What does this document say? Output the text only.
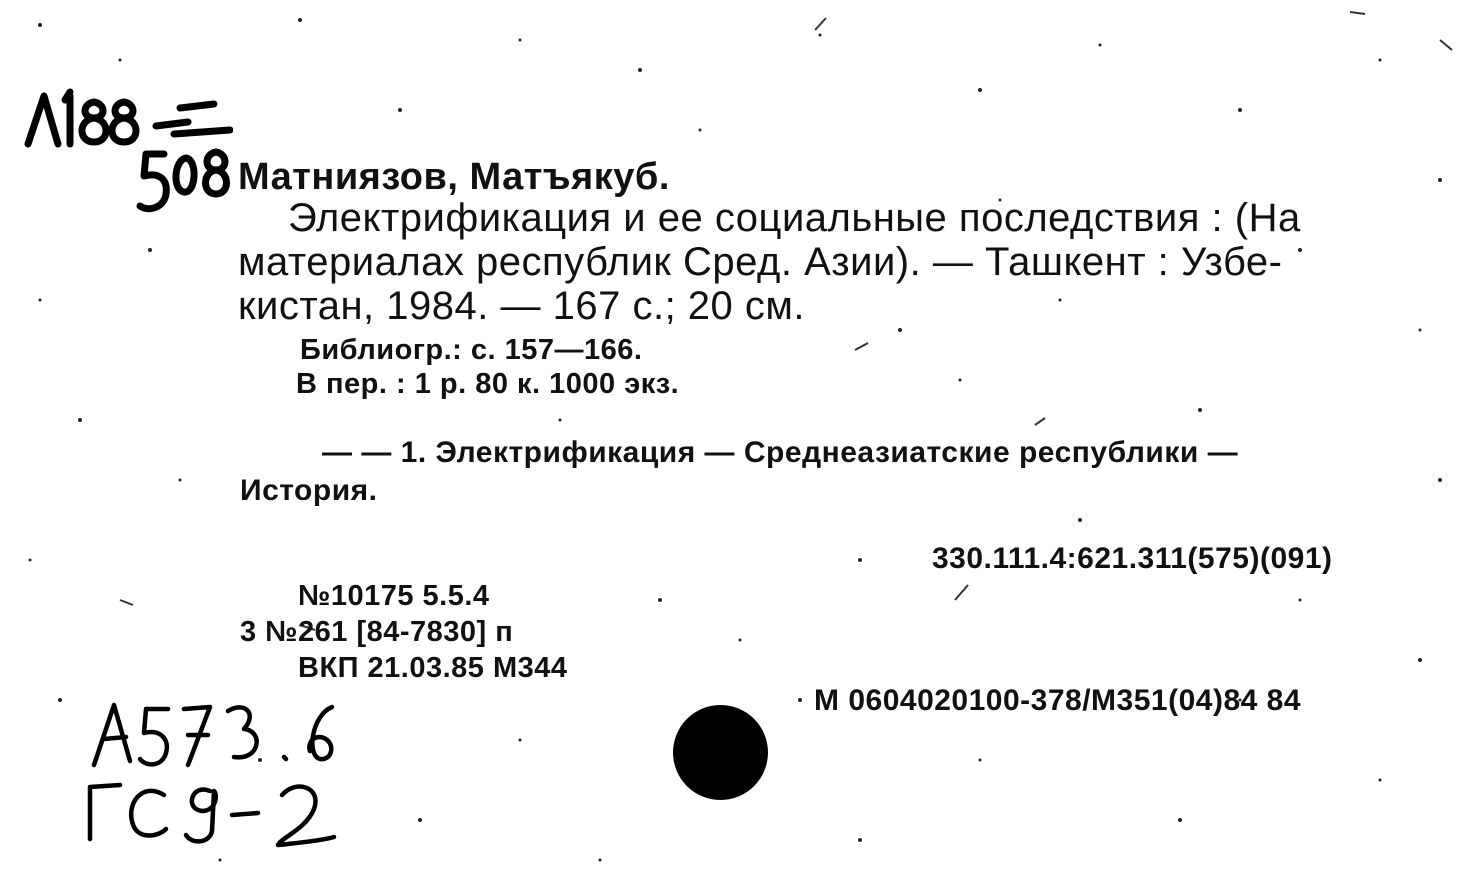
Матниязов, Матъякуб.
Электрификация и ее социальные последствия : (На
материалах республик Сред. Азии). — Ташкент : Узбе-
кистан, 1984. — 167 с.; 20 см.
Библиогр.: с. 157—166.
В пер. : 1 р. 80 к. 1000 экз.
— — 1. Электрификация — Среднеазиатские республики —
История.
330.111.4:621.311(575)(091)
№10175 5.5.4
3 №261 [84-7830] п
ВКП 21.03.85 М344
М 0604020100-378/М351(04)84 84
